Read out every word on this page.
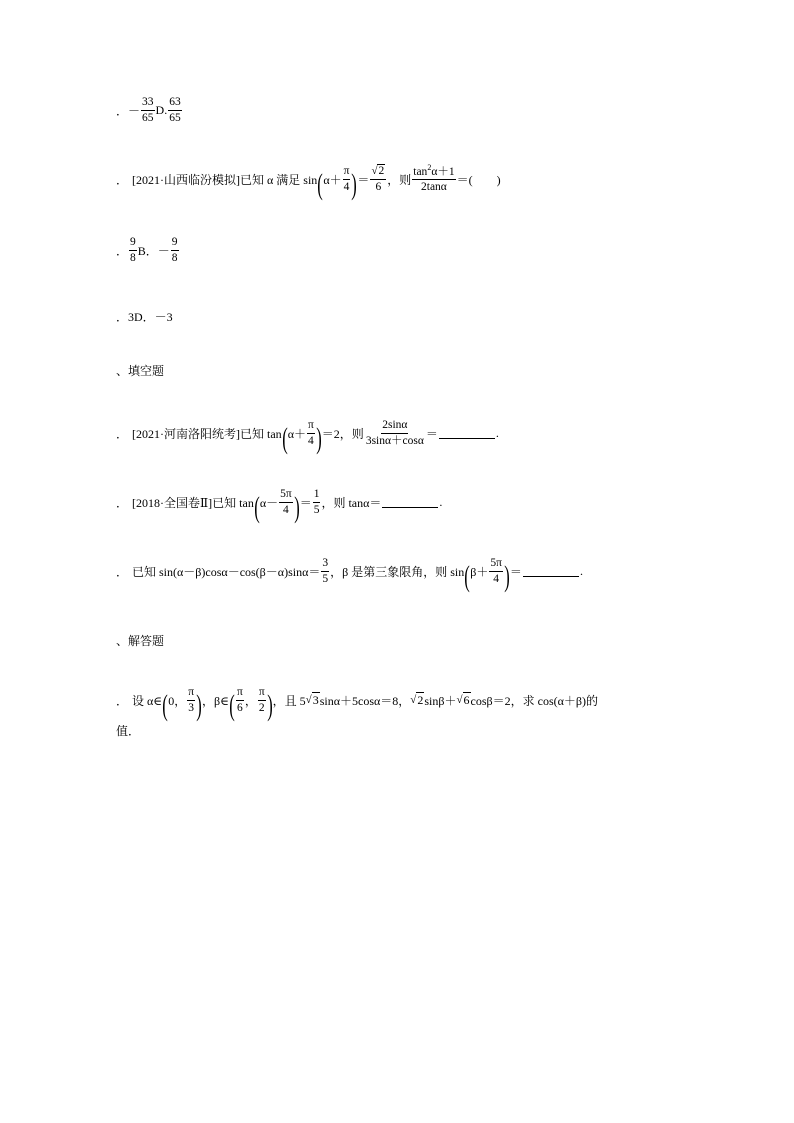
． － $\frac{33}{65} D$. $\frac{63}{65}$
． [2021·山西临汾模拟] 已知 α 满足 sin ( $\alpha+ \frac{\pi}{4}$ ) ＝ $\frac{√2}{6}$ ，则 $\frac{\tan^2\alpha+1}{2\tan\alpha}$ ＝(　　)
． $\frac{9}{8}$ B．－ $\frac{9}{8}$
．3D．－3
、填空题
． [2021·河南洛阳统考] 已知 tan ( $\alpha+ \frac{\pi}{4}$ ) ＝2，则 $\frac{2\sin\alpha}{3\sin\alpha+\cos\alpha}$ ＝	.
． [2018·全国卷Ⅱ] 已知 tan ( $\alpha- \frac{5\pi}{4}$ ) ＝ $\frac{1}{5}$ ，则 tanα＝	.
． 已知 $\sin(\alpha-\beta)\cos\alpha-\cos(\beta-\alpha)\sin\alpha= \frac{3}{5}$ ，β 是第三象限角，则 sin ( $\beta+ \frac{5\pi}{4}$ ) ＝	.
、解答题
． 设 α∈ ( 0， $\frac{\pi}{3}$ ) ，β∈ ( $\frac{\pi}{6}$ ， $\frac{\pi}{2}$ ) ，且 5 √ 3 sinα＋5cosα＝8， √ 2 sinβ＋ √ 6 cosβ＝2，求 cos(α＋β)的
值．
